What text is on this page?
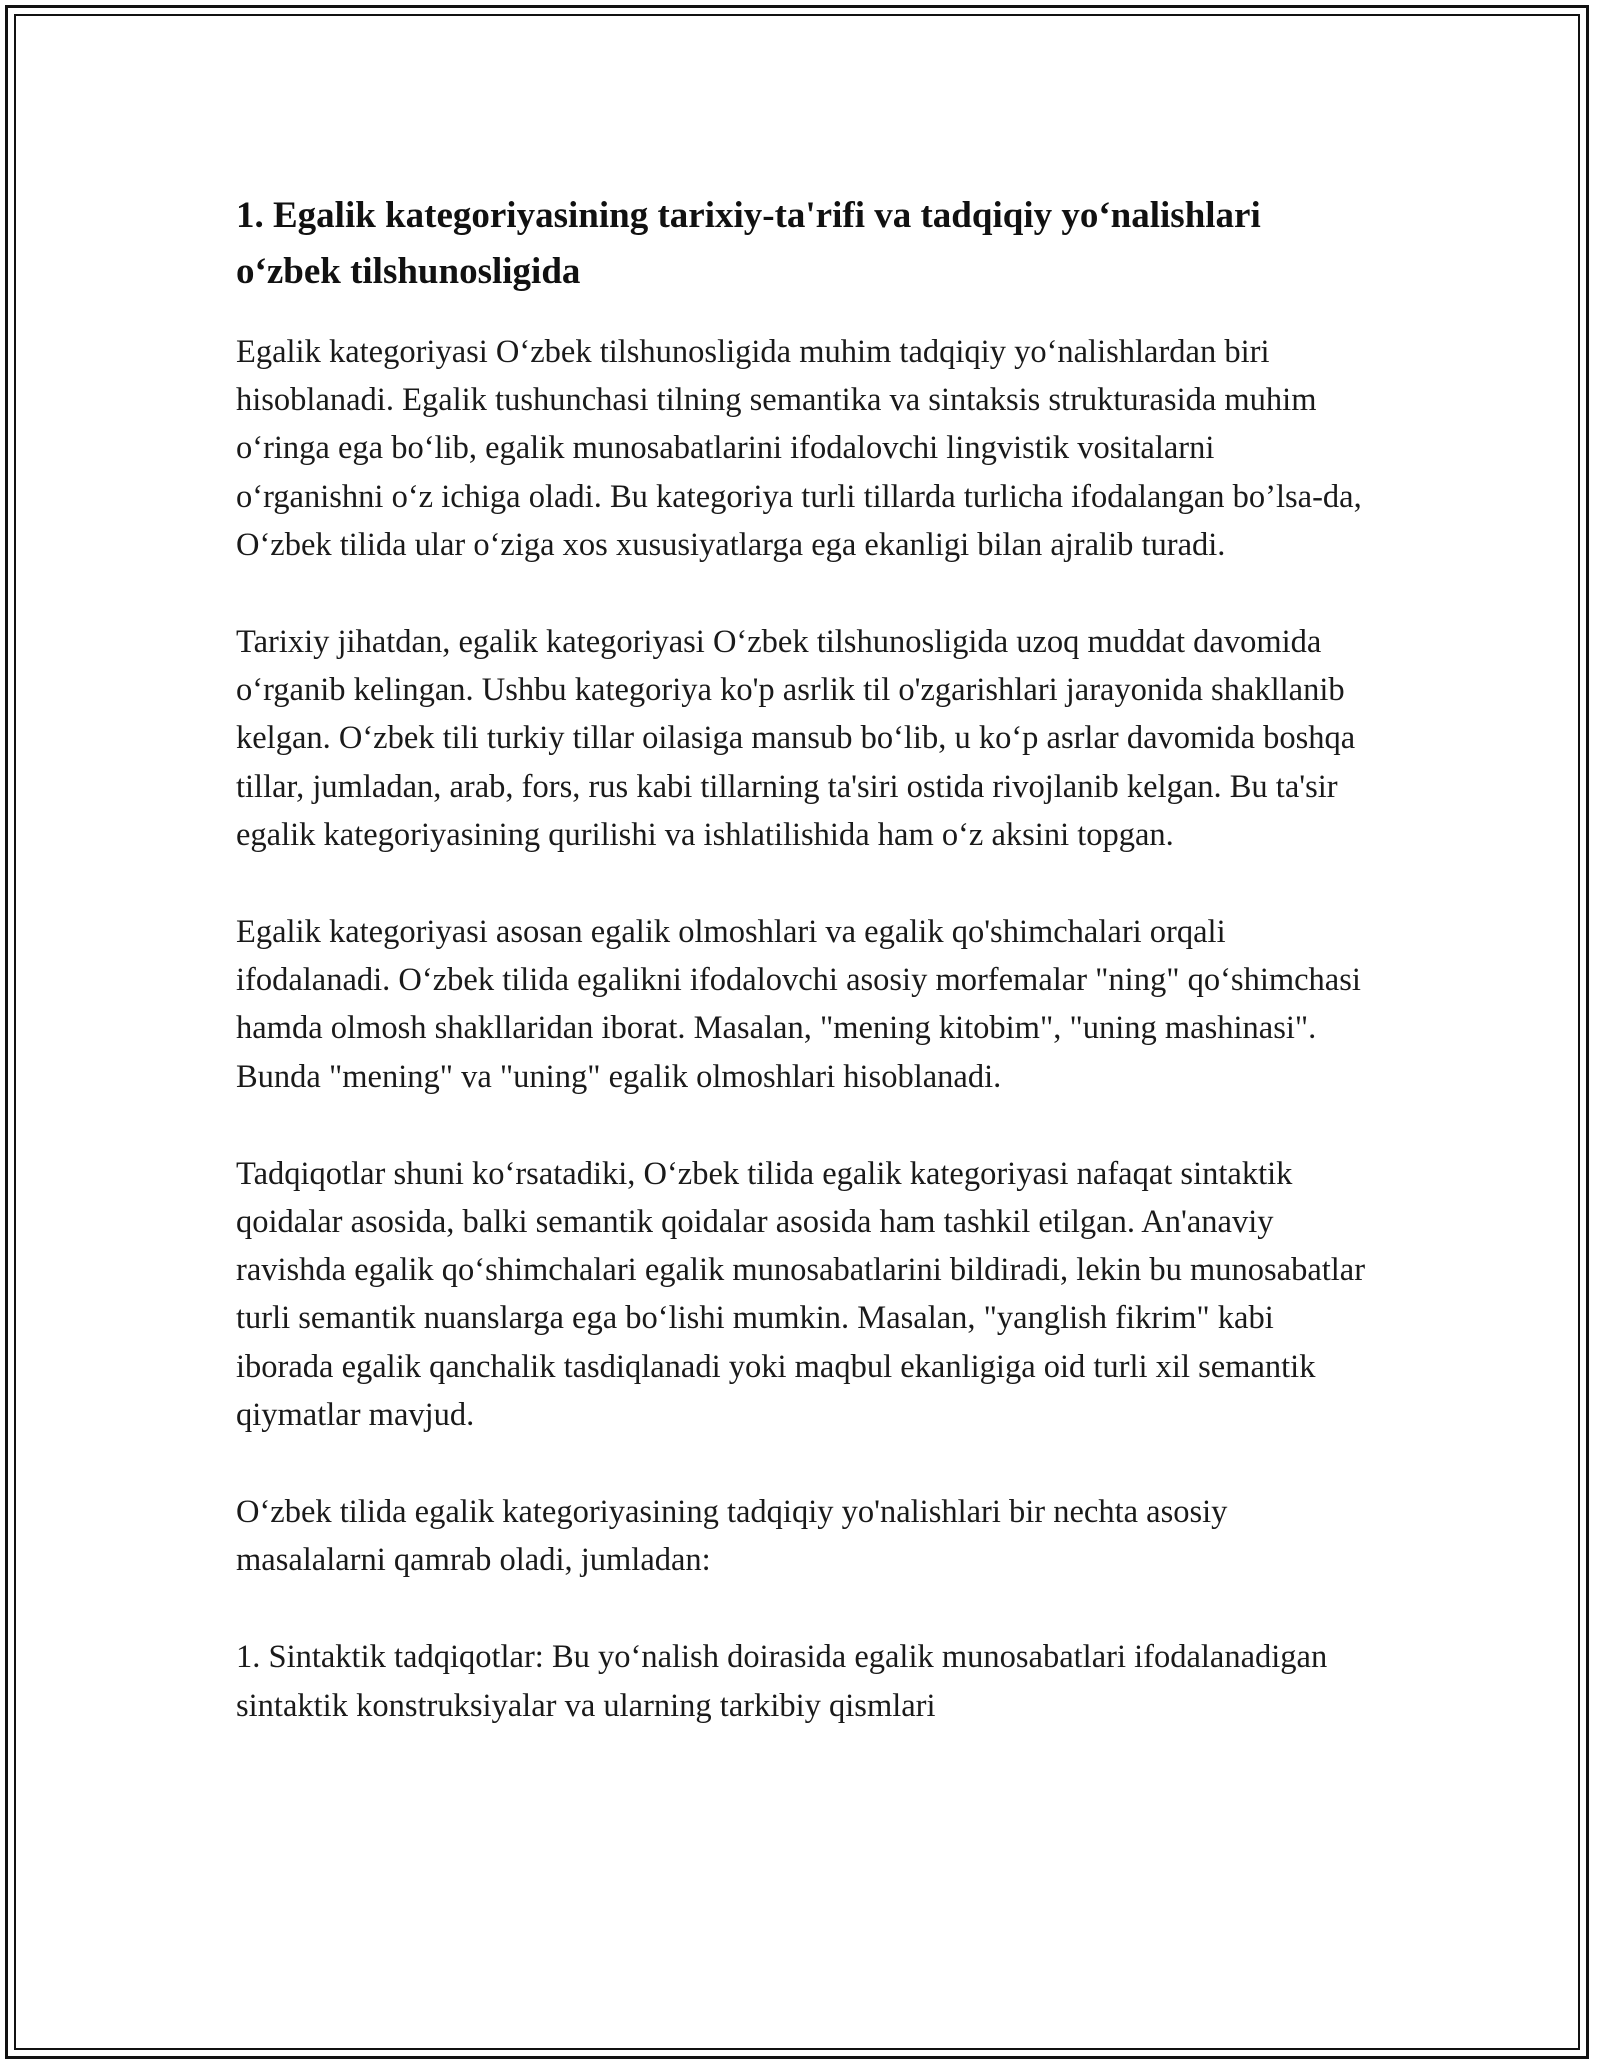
1. Egalik kategoriyasining tarixiy-ta'rifi va tadqiqiy yo‘nalishlari o‘zbek tilshunosligida

Egalik kategoriyasi O‘zbek tilshunosligida muhim tadqiqiy yo‘nalishlardan biri hisoblanadi. Egalik tushunchasi tilning semantika va sintaksis strukturasida muhim o‘ringa ega bo‘lib, egalik munosabatlarini ifodalovchi lingvistik vositalarni o‘rganishni o‘z ichiga oladi. Bu kategoriya turli tillarda turlicha ifodalangan bo’lsa-da, O‘zbek tilida ular o‘ziga xos xususiyatlarga ega ekanligi bilan ajralib turadi.

Tarixiy jihatdan, egalik kategoriyasi O‘zbek tilshunosligida uzoq muddat davomida o‘rganib kelingan. Ushbu kategoriya ko'p asrlik til o'zgarishlari jarayonida shakllanib kelgan. O‘zbek tili turkiy tillar oilasiga mansub bo‘lib, u ko‘p asrlar davomida boshqa tillar, jumladan, arab, fors, rus kabi tillarning ta'siri ostida rivojlanib kelgan. Bu ta'sir egalik kategoriyasining qurilishi va ishlatilishida ham o‘z aksini topgan.

Egalik kategoriyasi asosan egalik olmoshlari va egalik qo'shimchalari orqali ifodalanadi. O‘zbek tilida egalikni ifodalovchi asosiy morfemalar "ning" qo‘shimchasi hamda olmosh shakllaridan iborat. Masalan, "mening kitobim", "uning mashinasi". Bunda "mening" va "uning" egalik olmoshlari hisoblanadi.

Tadqiqotlar shuni ko‘rsatadiki, O‘zbek tilida egalik kategoriyasi nafaqat sintaktik qoidalar asosida, balki semantik qoidalar asosida ham tashkil etilgan. An'anaviy ravishda egalik qo‘shimchalari egalik munosabatlarini bildiradi, lekin bu munosabatlar turli semantik nuanslarga ega bo‘lishi mumkin. Masalan, "yanglish fikrim" kabi iborada egalik qanchalik tasdiqlanadi yoki maqbul ekanligiga oid turli xil semantik qiymatlar mavjud.

O‘zbek tilida egalik kategoriyasining tadqiqiy yo'nalishlari bir nechta asosiy masalalarni qamrab oladi, jumladan:

1. Sintaktik tadqiqotlar: Bu yo‘nalish doirasida egalik munosabatlari ifodalanadigan sintaktik konstruksiyalar va ularning tarkibiy qismlari
